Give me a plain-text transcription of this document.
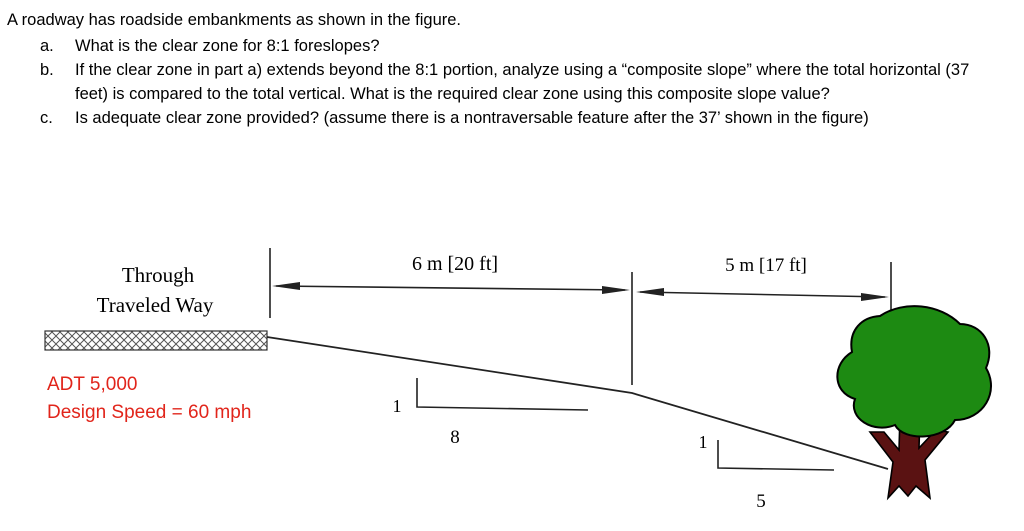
A roadway has roadside embankments as shown in the figure.
a.	What is the clear zone for 8:1 foreslopes?
b.	If the clear zone in part a) extends beyond the 8:1 portion, analyze using a “composite slope” where the total horizontal (37 feet) is compared to the total vertical. What is the required clear zone using this composite slope value?
c.	Is adequate clear zone provided? (assume there is a nontraversable feature after the 37’ shown in the figure)
Through
Traveled Way
6 m [20 ft]	5 m [17 ft]
1
8	1
5
ADT 5,000
Design Speed = 60 mph
